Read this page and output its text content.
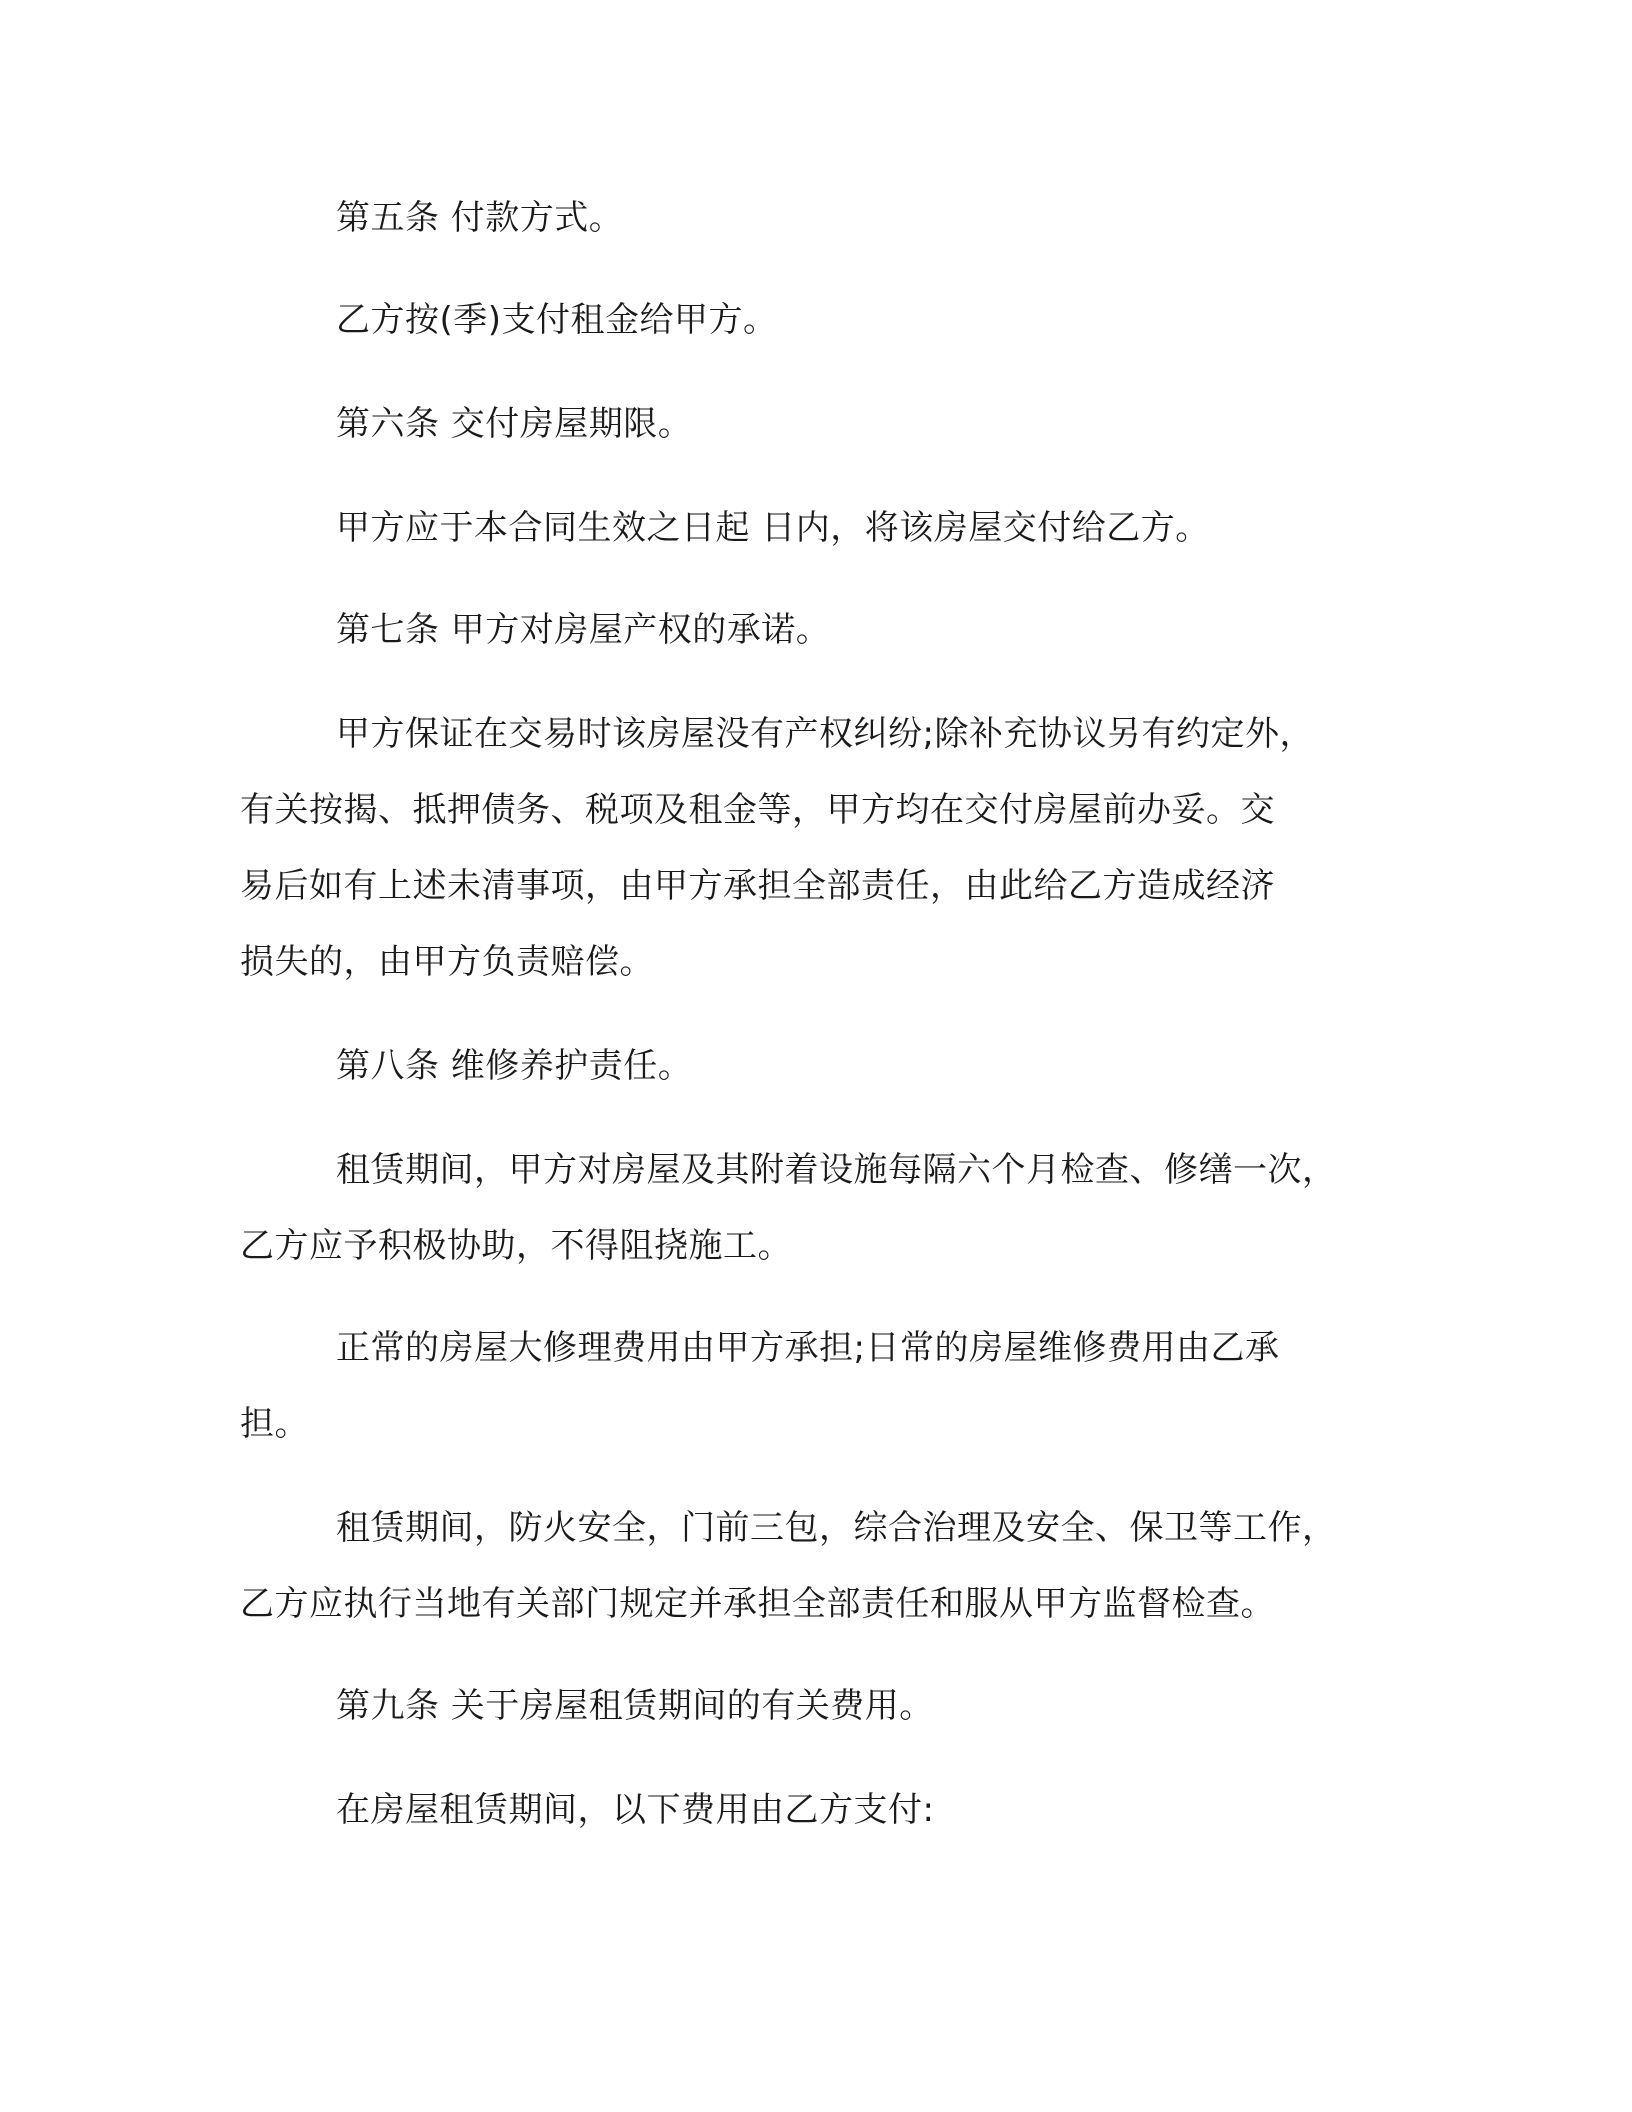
第五条 付款方式。
乙方按(季)支付租金给甲方。
第六条 交付房屋期限。
甲方应于本合同生效之日起 日内，将该房屋交付给乙方。
第七条 甲方对房屋产权的承诺。
甲方保证在交易时该房屋没有产权纠纷;除补充协议另有约定外，
有关按揭、抵押债务、税项及租金等，甲方均在交付房屋前办妥。交
易后如有上述未清事项，由甲方承担全部责任，由此给乙方造成经济
损失的，由甲方负责赔偿。
第八条 维修养护责任。
租赁期间，甲方对房屋及其附着设施每隔六个月检查、修缮一次，
乙方应予积极协助，不得阻挠施工。
正常的房屋大修理费用由甲方承担;日常的房屋维修费用由乙承
担。
租赁期间，防火安全，门前三包，综合治理及安全、保卫等工作，
乙方应执行当地有关部门规定并承担全部责任和服从甲方监督检查。
第九条 关于房屋租赁期间的有关费用。
在房屋租赁期间，以下费用由乙方支付:
